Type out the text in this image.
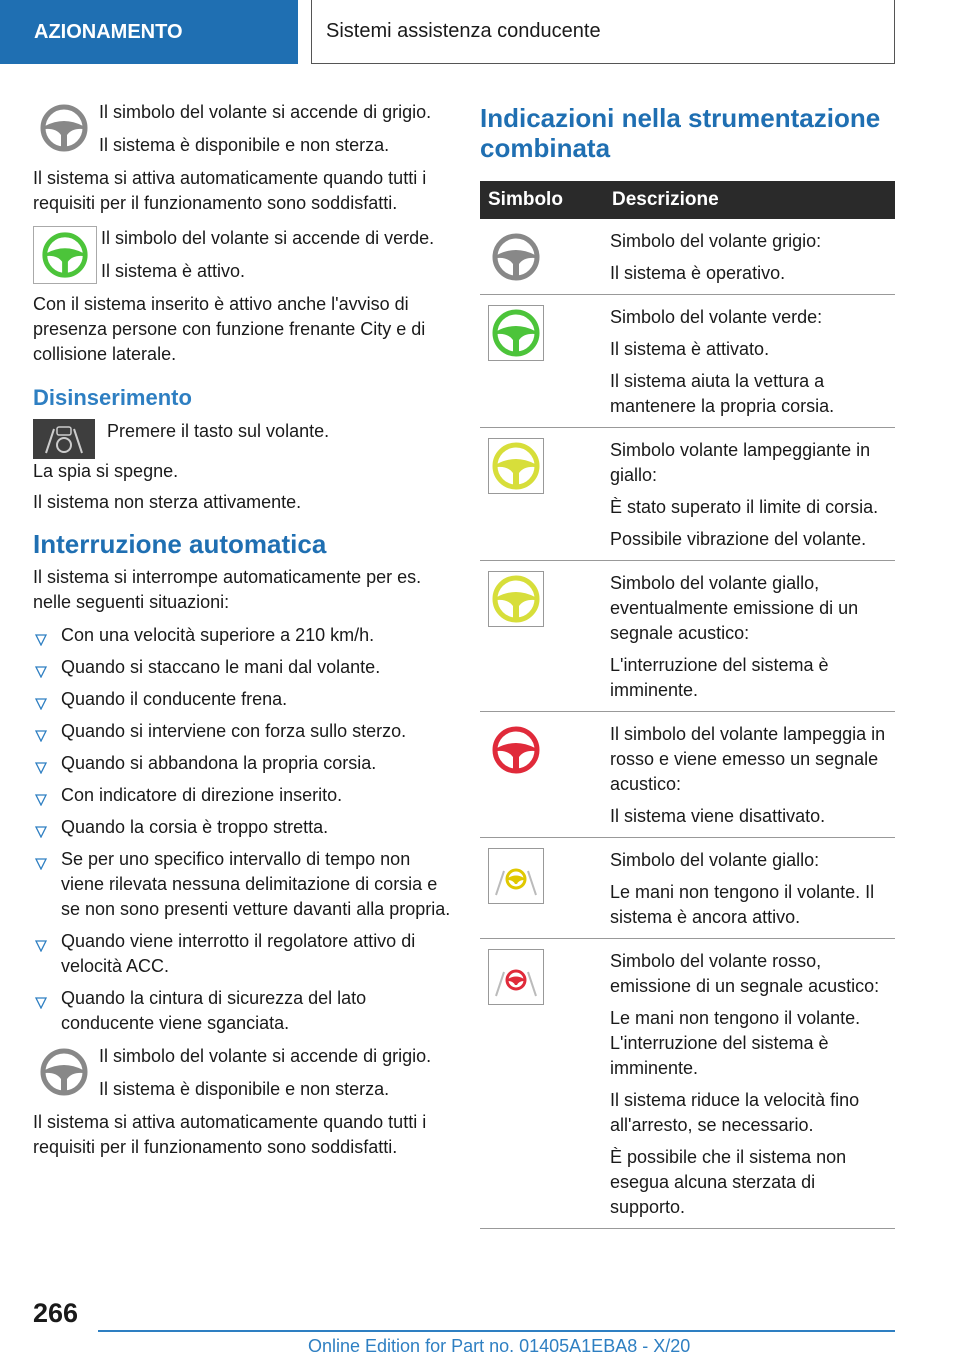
AZIONAMENTO	Sistemi assistenza conducente
Il simbolo del volante si accende di grigio.
Il sistema è disponibile e non sterza.

Il sistema si attiva automaticamente quando tutti i requisiti per il funzionamento sono soddisfatti.

Il simbolo del volante si accende di verde.
Il sistema è attivo.

Con il sistema inserito è attivo anche l'avviso di presenza persone con funzione frenante City e di collisione laterale.

Disinserimento
Premere il tasto sul volante.

La spia si spegne.

Il sistema non sterza attivamente.

Interruzione automatica

Il sistema si interrompe automaticamente per es. nelle seguenti situazioni:

Con una velocità superiore a 210 km/h.
Quando si staccano le mani dal volante.
Quando il conducente frena.
Quando si interviene con forza sullo sterzo.
Quando si abbandona la propria corsia.
Con indicatore di direzione inserito.
Quando la corsia è troppo stretta.
Se per uno specifico intervallo di tempo non viene rilevata nessuna delimitazione di corsia e se non sono presenti vetture davanti alla propria.
Quando viene interrotto il regolatore attivo di velocità ACC.
Quando la cintura di sicurezza del lato conducente viene sganciata.
Il simbolo del volante si accende di grigio.
Il sistema è disponibile e non sterza.

Il sistema si attiva automaticamente quando tutti i requisiti per il funzionamento sono soddisfatti.

Indicazioni nella strumentazione combinata
Simbolo	Descrizione

Simbolo del volante grigio:
Il sistema è operativo.

Simbolo del volante verde:
Il sistema è attivato.
Il sistema aiuta la vettura a mantenere la propria corsia.

Simbolo volante lampeggiante in giallo:
È stato superato il limite di corsia.
Possibile vibrazione del volante.

Simbolo del volante giallo, eventualmente emissione di un segnale acustico:
L'interruzione del sistema è imminente.

Il simbolo del volante lampeggia in rosso e viene emesso un segnale acustico:
Il sistema viene disattivato.

Simbolo del volante giallo:
Le mani non tengono il volante. Il sistema è ancora attivo.

Simbolo del volante rosso, emissione di un segnale acustico:
Le mani non tengono il volante. L'interruzione del sistema è imminente.
Il sistema riduce la velocità fino all'arresto, se necessario.
È possibile che il sistema non esegua alcuna sterzata di supporto.
266
Online Edition for Part no. 01405A1EBA8 - X/20
